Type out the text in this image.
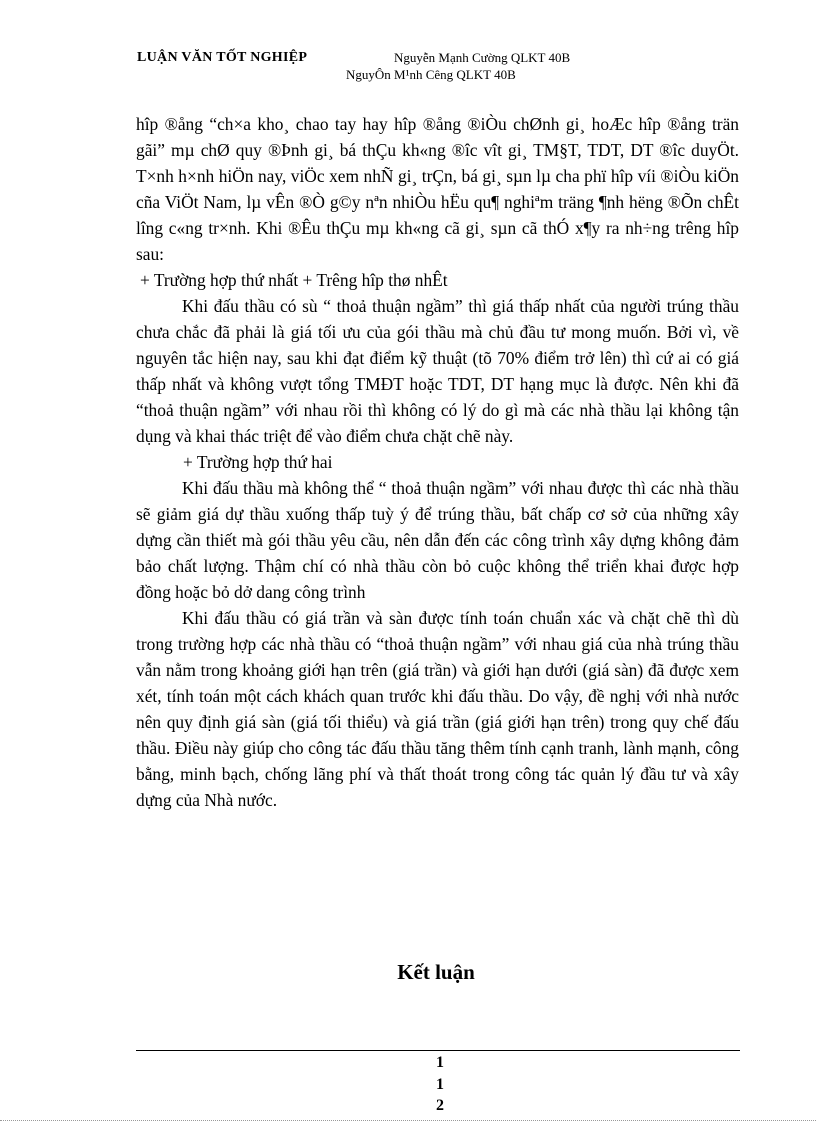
LUẬN VĂN TỐT NGHIỆP	Nguyễn Mạnh Cường QLKT 40B
NguyÔn M¹nh Cêng QLKT 40B

hîp ®ång “ch×a kho¸ chao tay hay hîp ®ång ®iÒu chØnh gi¸ hoÆc hîp ®ång trän gãi” mµ chØ quy ®Þnh gi¸ bá thÇu kh«ng ®îc vît gi¸ TM§T, TDT, DT ®îc duyÖt. T×nh h×nh hiÖn nay, viÖc xem nhÑ gi¸ trÇn, bá gi¸ sµn lµ cha phï hîp víi ®iÒu kiÖn cña ViÖt Nam, lµ vÊn ®Ò g©y nªn nhiÒu hËu qu¶ nghiªm träng ¶nh hëng ®Õn chÊt lîng c«ng tr×nh. Khi ®Êu thÇu mµ kh«ng cã gi¸ sµn cã thÓ x¶y ra nh÷ng trêng hîp sau:

+ Trường hợp thứ nhất + Trêng hîp thø nhÊt

Khi đấu thầu có sù “ thoả thuận ngầm” thì giá thấp nhất của người trúng thầu chưa chắc đã phải là giá tối ưu của gói thầu mà chủ đầu tư mong muốn. Bởi vì, về nguyên tắc hiện nay, sau khi đạt điểm kỹ thuật (tõ 70% điểm trở lên) thì cứ ai có giá thấp nhất và không vượt tổng TMĐT hoặc TDT, DT hạng mục là được. Nên khi đã “thoả thuận ngầm” với nhau rồi thì không có lý do gì mà các nhà thầu lại không tận dụng và khai thác triệt để vào điểm chưa chặt chẽ này.

+ Trường hợp thứ hai

Khi đấu thầu mà không thể “ thoả thuận ngầm” với nhau được thì các nhà thầu sẽ giảm giá dự thầu xuống thấp tuỳ ý để trúng thầu, bất chấp cơ sở của những xây dựng cần thiết mà gói thầu yêu cầu, nên dẫn đến các công trình xây dựng không đảm bảo chất lượng. Thậm chí có nhà thầu còn bỏ cuộc không thể triển khai được hợp đồng hoặc bỏ dở dang công trình

Khi đấu thầu có giá trần và sàn được tính toán chuẩn xác và chặt chẽ thì dù trong trường hợp các nhà thầu có “thoả thuận ngầm” với nhau giá của nhà trúng thầu vẫn nằm trong khoảng giới hạn trên (giá trần) và giới hạn dưới (giá sàn) đã được xem xét, tính toán một cách khách quan trước khi đấu thầu. Do vậy, đề nghị với nhà nước nên quy định giá sàn (giá tối thiểu) và giá trần (giá giới hạn trên) trong quy chế đấu thầu. Điều này giúp cho công tác đấu thầu tăng thêm tính cạnh tranh, lành mạnh, công bằng, minh bạch, chống lãng phí và thất thoát trong công tác quản lý đầu tư và xây dựng của Nhà nước.

Kết luận
1
1
2
